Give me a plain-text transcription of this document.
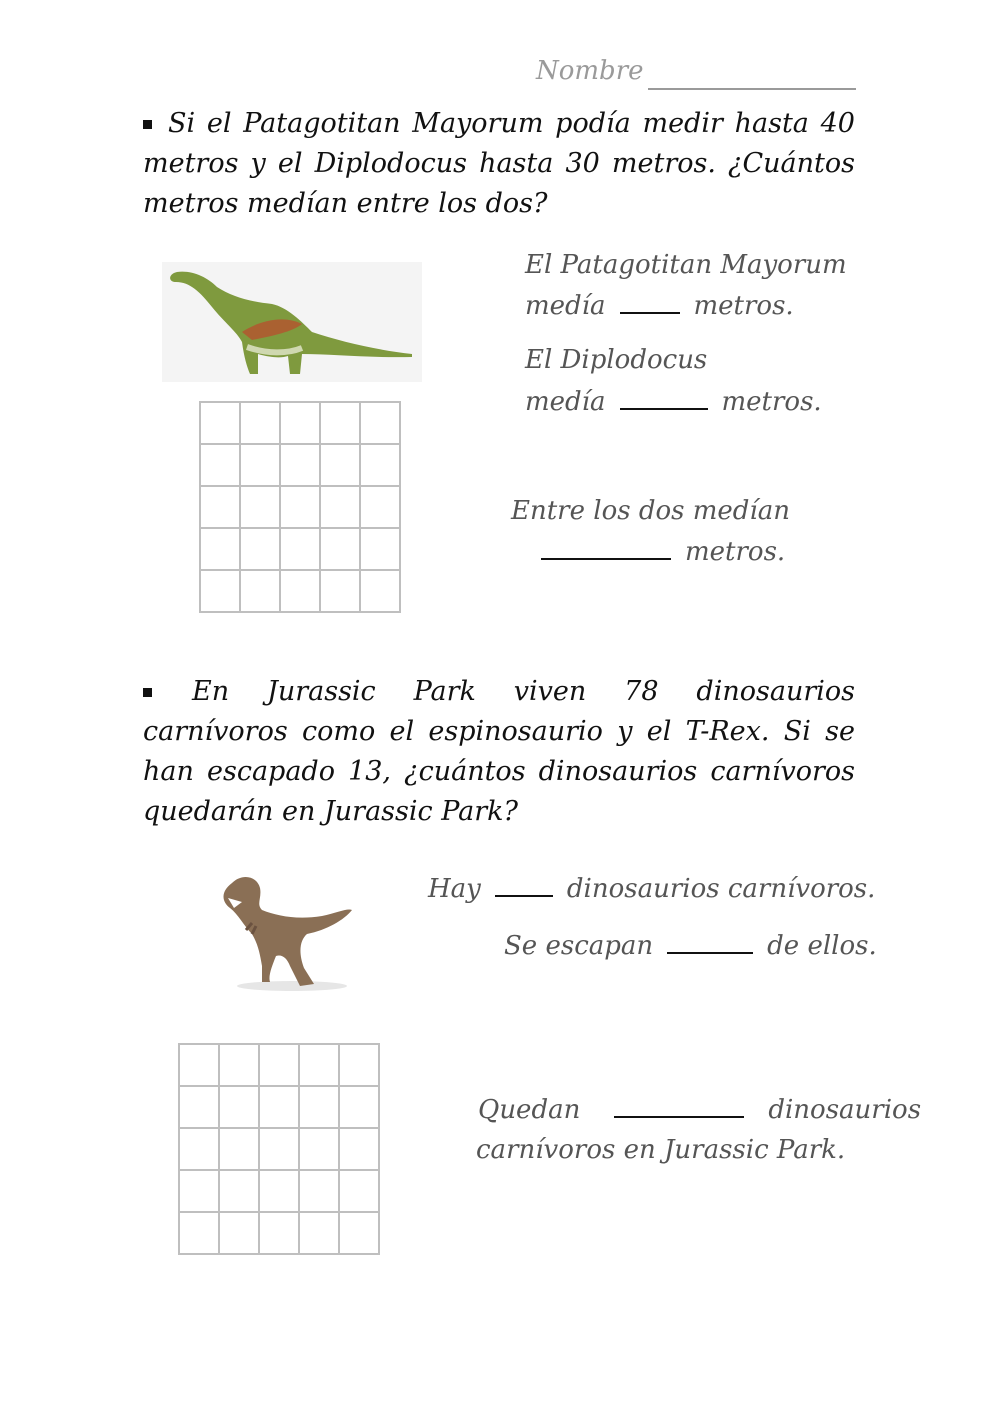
Nombre
Si el Patagotitan Mayorum podía medir hasta 40 metros y el Diplodocus hasta 30 metros. ¿Cuántos metros medían entre los dos?
El Patagotitan Mayorum
medía	metros.
El Diplodocus
medía	metros.
Entre los dos medían
metros.
En Jurassic Park viven 78 dinosaurios carnívoros como el espinosaurio y el T-Rex. Si se han escapado 13, ¿cuántos dinosaurios carnívoros quedarán en Jurassic Park?
Hay	dinosaurios carnívoros.
Se escapan	de ellos.
Quedan	dinosaurios
carnívoros en Jurassic Park.
